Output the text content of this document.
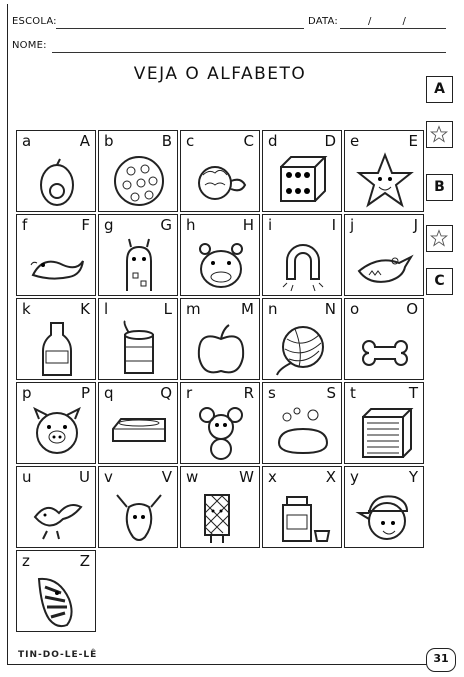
ESCOLA:	DATA:	/ /
NOME:
VEJA O ALFABETO
a	A b	B c	C d	D e	E
f	F g	G h	H i	I j	J
k	K l	L m	M n	N o	O
p	P q	Q r	R s	S t	T
u	U v	V w	W x	X y	Y
z	Z
A
B
C
TIN-DO-LE-LÊ	31
